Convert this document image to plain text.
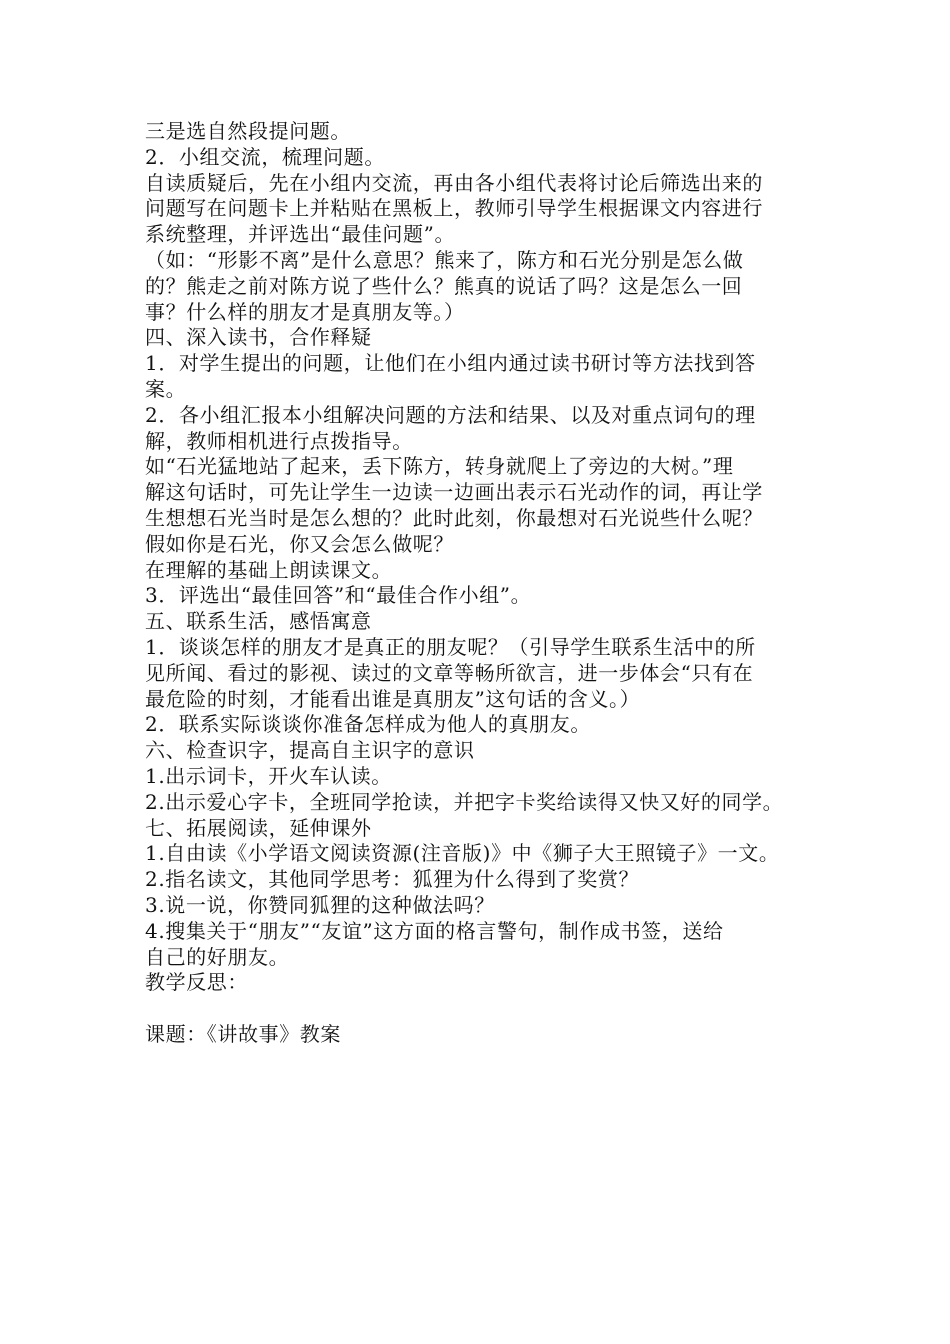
三是选自然段提问题。

2．小组交流，梳理问题。

自读质疑后，先在小组内交流，再由各小组代表将讨论后筛选出来的

问题写在问题卡上并粘贴在黑板上，教师引导学生根据课文内容进行

系统整理，并评选出“最佳问题”。

（如：“形影不离”是什么意思？熊来了，陈方和石光分别是怎么做

的？熊走之前对陈方说了些什么？熊真的说话了吗？这是怎么一回

事？什么样的朋友才是真朋友等。）

四、深入读书，合作释疑

1．对学生提出的问题，让他们在小组内通过读书研讨等方法找到答

案。

2．各小组汇报本小组解决问题的方法和结果、以及对重点词句的理

解，教师相机进行点拨指导。

如“石光猛地站了起来，丢下陈方，转身就爬上了旁边的大树。”理

解这句话时，可先让学生一边读一边画出表示石光动作的词，再让学

生想想石光当时是怎么想的？此时此刻，你最想对石光说些什么呢？

假如你是石光，你又会怎么做呢？

在理解的基础上朗读课文。

3．评选出“最佳回答”和“最佳合作小组”。

五、联系生活，感悟寓意

1．谈谈怎样的朋友才是真正的朋友呢？（引导学生联系生活中的所

见所闻、看过的影视、读过的文章等畅所欲言，进一步体会“只有在

最危险的时刻，才能看出谁是真朋友”这句话的含义。）

2．联系实际谈谈你准备怎样成为他人的真朋友。

六、检查识字，提高自主识字的意识

1.出示词卡，开火车认读。

2.出示爱心字卡，全班同学抢读，并把字卡奖给读得又快又好的同学。

七、拓展阅读，延伸课外

1.自由读《小学语文阅读资源(注音版)》中《狮子大王照镜子》一文。

2.指名读文，其他同学思考：狐狸为什么得到了奖赏？

3.说一说，你赞同狐狸的这种做法吗？

4.搜集关于“朋友”“友谊”这方面的格言警句，制作成书签，送给

自己的好朋友。

教学反思：

课题：《讲故事》教案
